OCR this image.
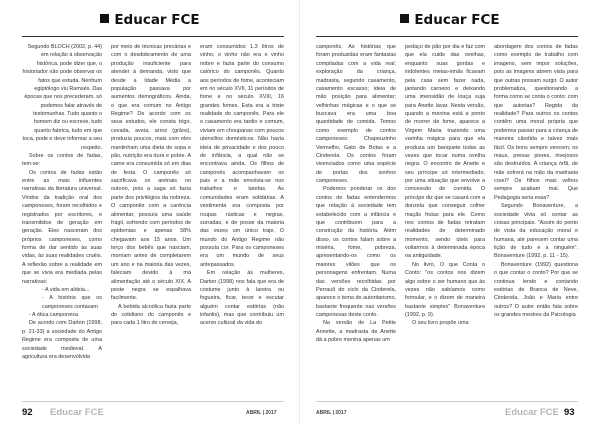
Educar FCE

Segundo BLOCH (2002, p. 44) em relação à observação histórica, pode dizer que, o historiador não pode observar os fatos que estuda. Nenhum egiptólogo viu Ramsés. Das épocas que nos precederam, só podemos falar através de testemunhas. Tudo quanto o homem diz ou escreve, tudo quanto fabrica, tudo em que toca, pode e deve informar a seu respeito.

Sobre os contos de fadas, tem-se:

Os contos de fadas estão entre as mais influentes narrativas da literatura universal. Vindos da tradição oral dos camponeses, foram recolhidos e registrados por escritores, e transmitidos de geração em geração. Eles nasceram dos próprios camponeses, como forma de dar sentido às suas vidas, às suas realidades cruéis. A reflexão sobre a realidade em que se vivia era mediada pelas narrativas:

- A vida em aldeia...

- A história que os camponeses contavam

- A ótica camponesa

De acordo com Darton (1998, p. 21-33) a sociedade do Antigo Regime era composta de uma sociedade medieval. A agricultura era desenvolvida

por meio de técnicas precárias e com o desdobramento de uma produção insuficiente para atender à demanda, visto que desde a Idade Média a população passava por aumentos demográficos. Ainda, o que era comum no Antigo Regime? De acordo com os seus estudos, ele consta trigo, cevada, aveia, arroz (grãos), produzia poucos, mais com eles mantinham uma dieta de sopa e pão, nutrição era dura e pobre. A carne era consumida só em dias de festa. O camponês só sacrificava os animais no outono, pois a saga só fazia parte dos privilégios da nobreza. O camponês com a carência alimentar, possuía uma saúde frágil, sofrendo com períodos de epidemias e apenas 58% chegavam aos 15 anos. Um terço dos bebês que nasciam, morriam antes de completarem um ano e na maioria das vezes, faleciam devido à má alimentação até o século XIX. A peste negra se espalhava facilmente.

A bebida alcoólica fazia parte do cotidiano do camponês e para cada 1 litro de cerveja,

eram consumidos 1.3 litros de vinho, o vinho não era o vinho nobre e fazia parte do consumo calórico do camponês. Quanto aos períodos de fome, aconteciam em no século XVII, 11 períodos de fome e no século XVIII, 16 grandes fomes. Esta era a triste realidade do camponês. Para ele o casamento era tardio e comum, viviam em choupanas com poucos utensílios domésticos. Não havia ideia de privacidade e dos pouco de infância, a qual não se encontrava ainda. Os filhos de camponês acompanhavam os pais e a mãe envolvia-se nos trabalhos e tarefas. As comunidades eram solidárias. A vestimenta era composta por roupas rústicas e negras, surradas, e de posse da maioria das vezes um único traje. O mundo do Antigo Regime não possuía cor. Para os camponeses era um mundo de seus antepassados.

Em relação às mulheres, Darton (1998) nos fala que era de costume junto à lareira ou fogueira, ficar, tecer e escutar alguém contar estórias (não infantis), mas que contribuiu um acervo cultural da vida do

92 Educar FCE	ABRIL | 2017
Educar FCE

camponês. As histórias que foram produzidas eram fantasias compiladas com a vida real; exploração da criança, madrasta, segundo casamento, casamento escasso; ideia de mão posição para alimentar; velhinhas mágicas e o que se buscava era uma boa quantidade de comida. Temos como exemplo de contos camponeses: Chapeuzinho Vermelho, Gato de Botas e a Cinderela. Os contos foram vivenciados como uma espécie de portas dos sonhos camponeses.

Podemos ponderar os dos contos de fadas entendermos que relação à sociedade tem estabelecido com a infância e que contribuem para a construção da história. Além disso, os contos falam sobre a miséria, fome, pobreza, apresentando-os como os maiores vilões que os personagens enfrentam. Numa das versões recolhidas por Perrault do ciclo da Cinderela, aparece o tema do autoritarismo, bastante frequente nas versões camponesas deste conto.

Na versão de La Petite Annette, a madrasta de Anette dá a pobre menina apenas um

pedaço de pão por dia e faz com que ela cuide das ovelhas, enquanto suas gordas e indolentes meias-irmãs ficavam pela casa sem fazer nada, jantando carneiro e deixando uma imensidão de louça suja para Anette lavar. Nesta versão, quando a menina está a ponto de morrer de fome, aparece a Virgem Maria trazendo uma varinha mágica para que ela produza um banquete todas as vezes que tocar numa ovelha negra. O encontro de Anette e seu príncipe só intermediado, por uma situação que envolve a concessão de comida. O príncipe diz que se casará com a donzela que conseguir colher maçãs frutas para ele. Como nos contos de fadas retratam realidades de determinado momento, sendo úteis para voltarmos à determinada época na antiguidade.

No livro, O que Conta o Conto: "os contos nos dizem algo sobre o ser humano que às vezes não sabíamos como formular, e o dizem de maneira bastante simples" Bonaventure (1992, p. 9).

O seu livro propõe uma

abordagem dos contos de fadas como exemplo de trabalho com imagens, sem impor soluções, pois as imagens abrem vista para que outras possam surgir. O autor problematiza, questionando a forma como se conta o conto: com que autorias? Regida da realidade? Para outros os contos contêm uma moral própria que podemos passar para a criança de maneira cândida e talvez mais fácil. Os bons sempre vencem; os maus, presas piores, invejosos são destruídos. A criança órfã, de mãe sofrerá na mão da madrasta cruel? Os filhos mais velhos sempre acabam mal. Que Pedagogia seria essa?

Segundo Bonaventure, a sociedade vivia só contar as coisas principais. "Assim do ponto de vista da educação moral e humana, até parecem contar uma lição de tudo e a ninguém". Bonaventure (1992, p. 11 - 15).

Bonaventure (1992) questiona o que contar o conto? Por que se continua lendo e contando estórias de Branca de Neve, Cinderela, João e Maria entre outros? O autor então fala sobre os grandes mestres da Psicologia

ABRIL | 2017	Educar FCE 93
